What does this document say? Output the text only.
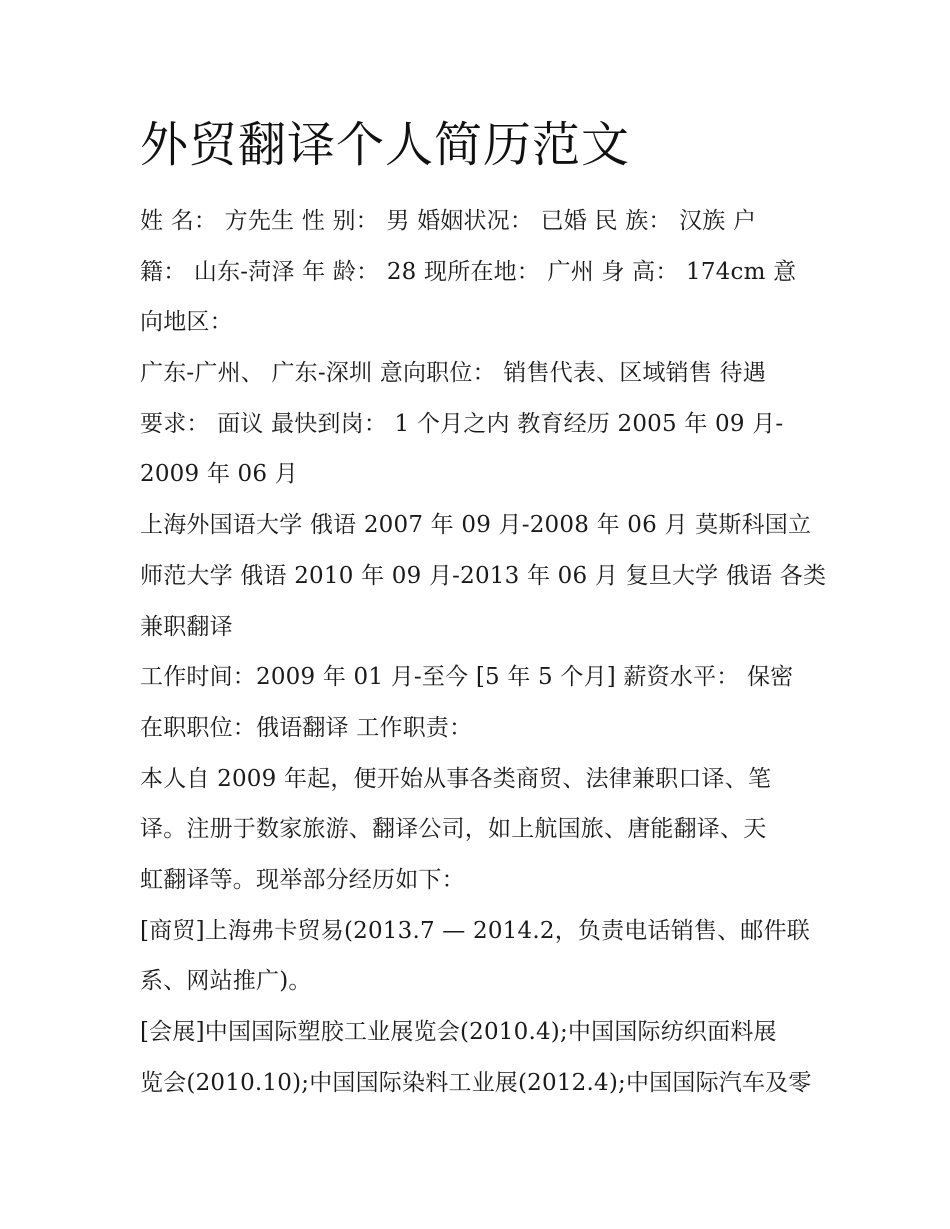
外贸翻译个人简历范文
姓 名： 方先生 性 别： 男 婚姻状况： 已婚 民 族： 汉族 户
籍： 山东-菏泽 年 龄： 28 现所在地： 广州 身 高： 174cm 意
向地区：
广东-广州、 广东-深圳 意向职位： 销售代表、区域销售 待遇
要求： 面议 最快到岗： 1 个月之内 教育经历 2005 年 09 月-
2009 年 06 月
上海外国语大学 俄语 2007 年 09 月-2008 年 06 月 莫斯科国立
师范大学 俄语 2010 年 09 月-2013 年 06 月 复旦大学 俄语 各类
兼职翻译
工作时间：2009 年 01 月-至今 [5 年 5 个月] 薪资水平： 保密
在职职位：俄语翻译 工作职责：
本人自 2009 年起，便开始从事各类商贸、法律兼职口译、笔
译。注册于数家旅游、翻译公司，如上航国旅、唐能翻译、天
虹翻译等。现举部分经历如下：
[商贸]上海弗卡贸易(2013.7 — 2014.2，负责电话销售、邮件联
系、网站推广)。
[会展]中国国际塑胶工业展览会(2010.4);中国国际纺织面料展
览会(2010.10);中国国际染料工业展(2012.4);中国国际汽车及零
